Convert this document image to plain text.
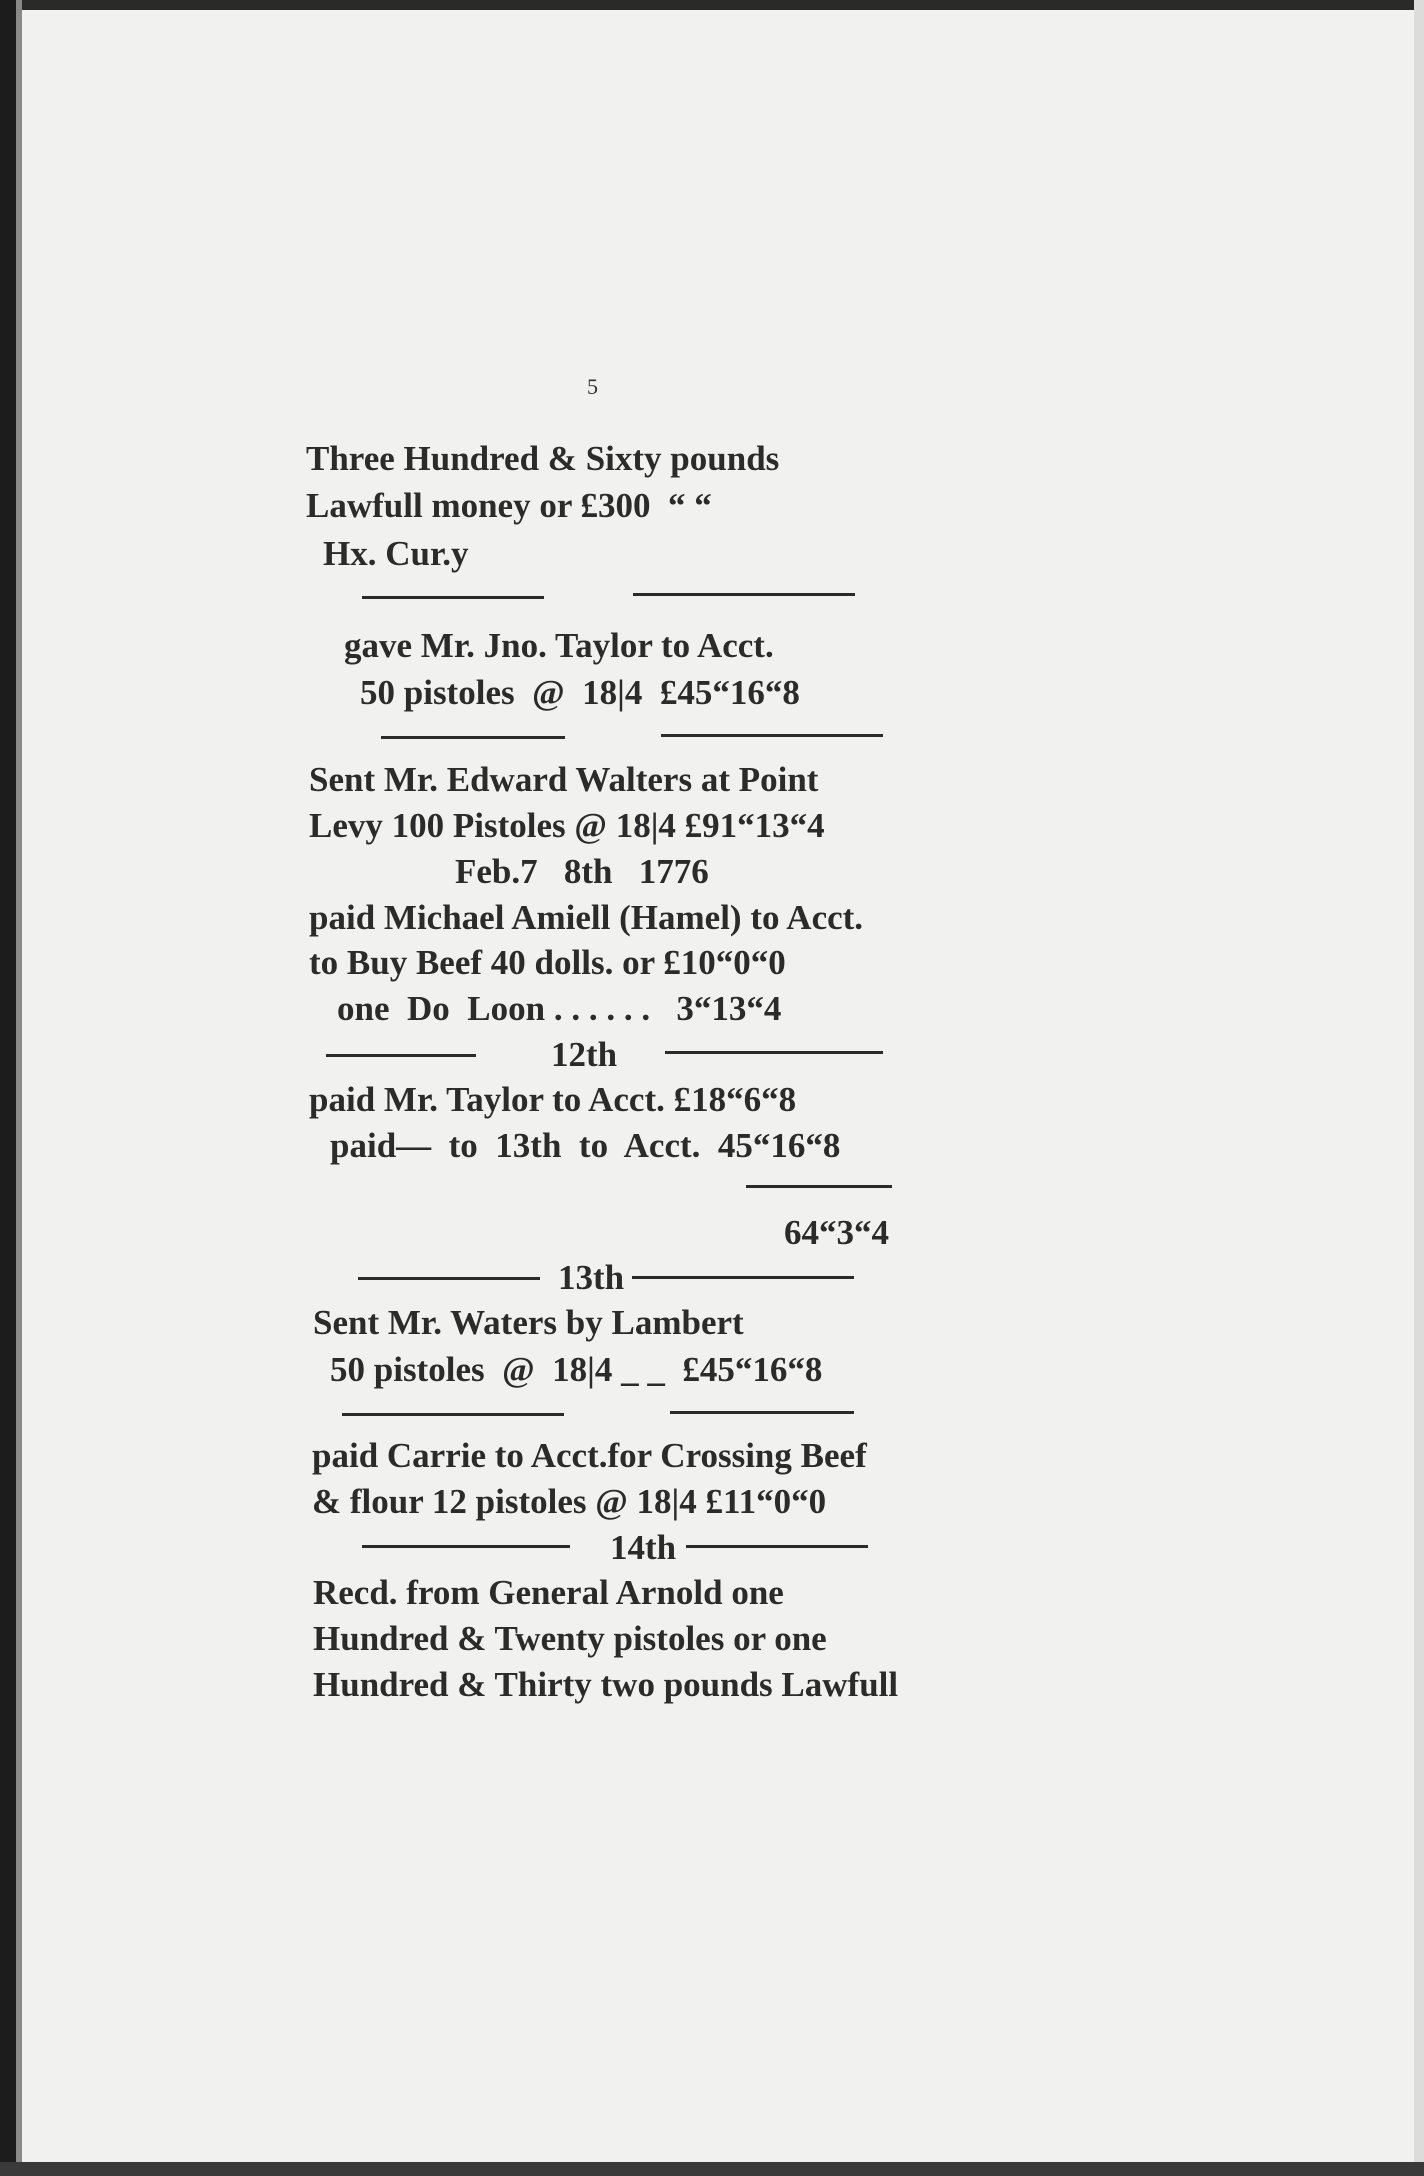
5
Three Hundred & Sixty pounds
Lawfull money or £300  “ “
Hx. Cur.y
gave Mr. Jno. Taylor to Acct.
50 pistoles  @  18|4  £45“16“8
Sent Mr. Edward Walters at Point
Levy 100 Pistoles @ 18|4 £91“13“4
Feb.7   8th   1776
paid Michael Amiell (Hamel) to Acct.
to Buy Beef 40 dolls. or £10“0“0
one  Do  Loon . . . . . .   3“13“4
12th
paid Mr. Taylor to Acct. £18“6“8
paid—  to  13th  to  Acct.  45“16“8
64“3“4
13th
Sent Mr. Waters by Lambert
50 pistoles  @  18|4 _ _  £45“16“8
paid Carrie to Acct.for Crossing Beef
& flour 12 pistoles @ 18|4 £11“0“0
14th
Recd. from General Arnold one
Hundred & Twenty pistoles or one
Hundred & Thirty two pounds Lawfull
